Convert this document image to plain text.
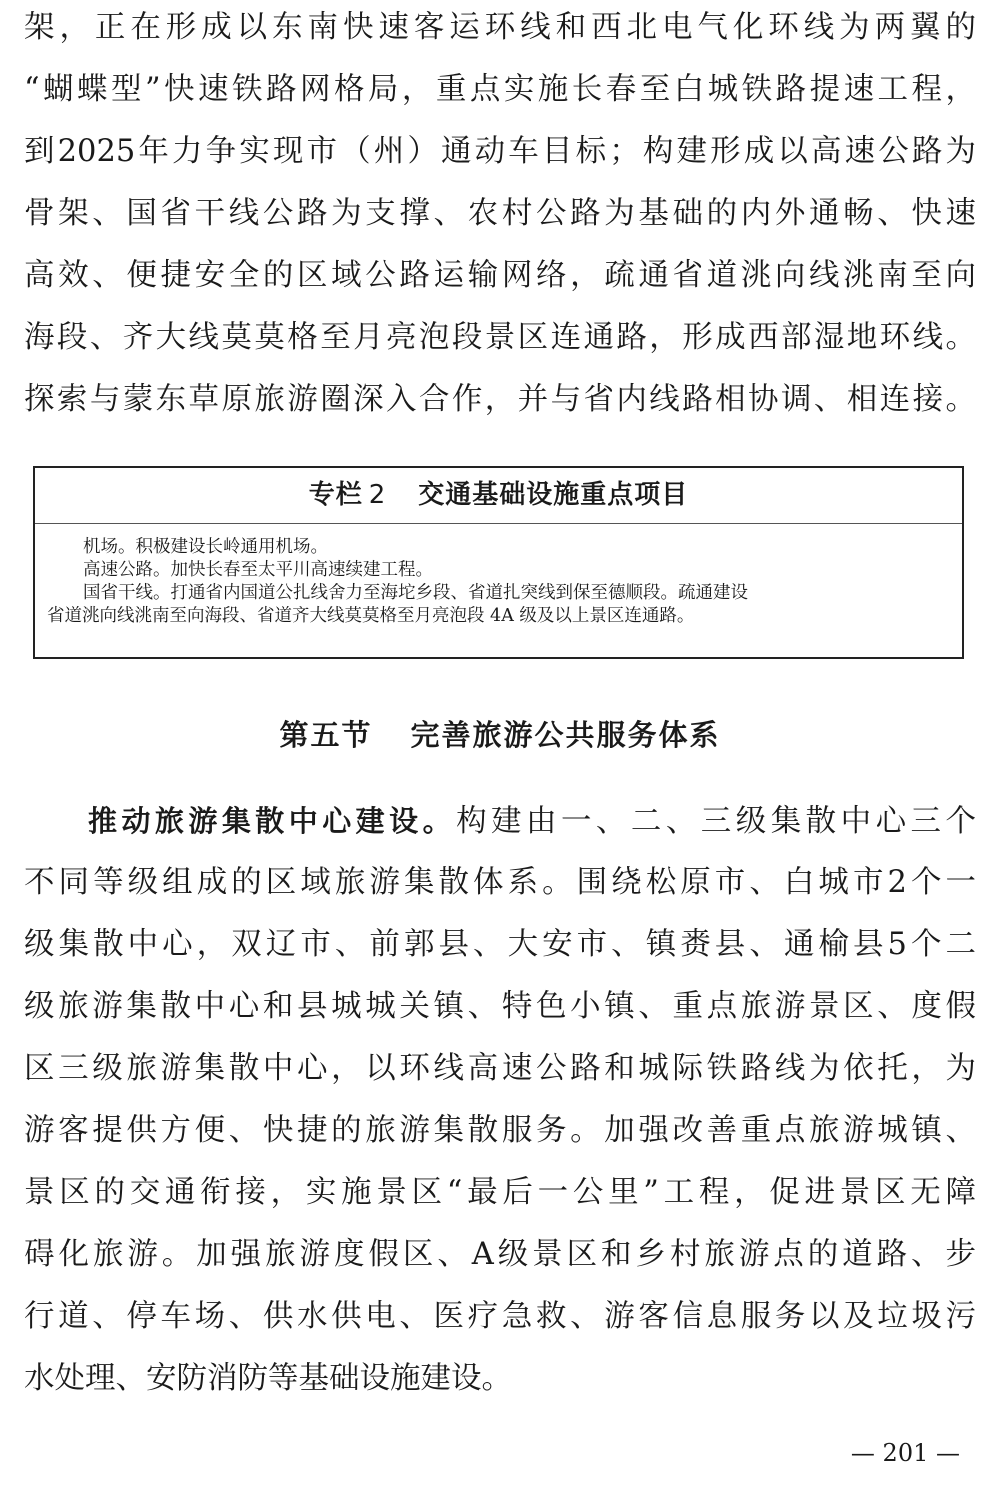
架，正在形成以东南快速客运环线和西北电气化环线为两翼的
“蝴蝶型”快速铁路网格局，重点实施长春至白城铁路提速工程，
到2025年力争实现市（州）通动车目标；构建形成以高速公路为
骨架、国省干线公路为支撑、农村公路为基础的内外通畅、快速
高效、便捷安全的区域公路运输网络，疏通省道洮向线洮南至向
海段、齐大线莫莫格至月亮泡段景区连通路，形成西部湿地环线。
探索与蒙东草原旅游圈深入合作，并与省内线路相协调、相连接。
专栏 2 交通基础设施重点项目

机场。积极建设长岭通用机场。

高速公路。加快长春至太平川高速续建工程。

国省干线。打通省内国道公扎线舍力至海坨乡段、省道扎突线到保至德顺段。疏通建设

省道洮向线洮南至向海段、省道齐大线莫莫格至月亮泡段 4A 级及以上景区连通路。

第五节 完善旅游公共服务体系
推动旅游集散中心建设。构建由一、二、三级集散中心三个
不同等级组成的区域旅游集散体系。围绕松原市、白城市2个一
级集散中心，双辽市、前郭县、大安市、镇赉县、通榆县5个二
级旅游集散中心和县城城关镇、特色小镇、重点旅游景区、度假
区三级旅游集散中心，以环线高速公路和城际铁路线为依托，为
游客提供方便、快捷的旅游集散服务。加强改善重点旅游城镇、
景区的交通衔接，实施景区“最后一公里”工程，促进景区无障
碍化旅游。加强旅游度假区、A级景区和乡村旅游点的道路、步
行道、停车场、供水供电、医疗急救、游客信息服务以及垃圾污
水处理、安防消防等基础设施建设。
— 201 —
